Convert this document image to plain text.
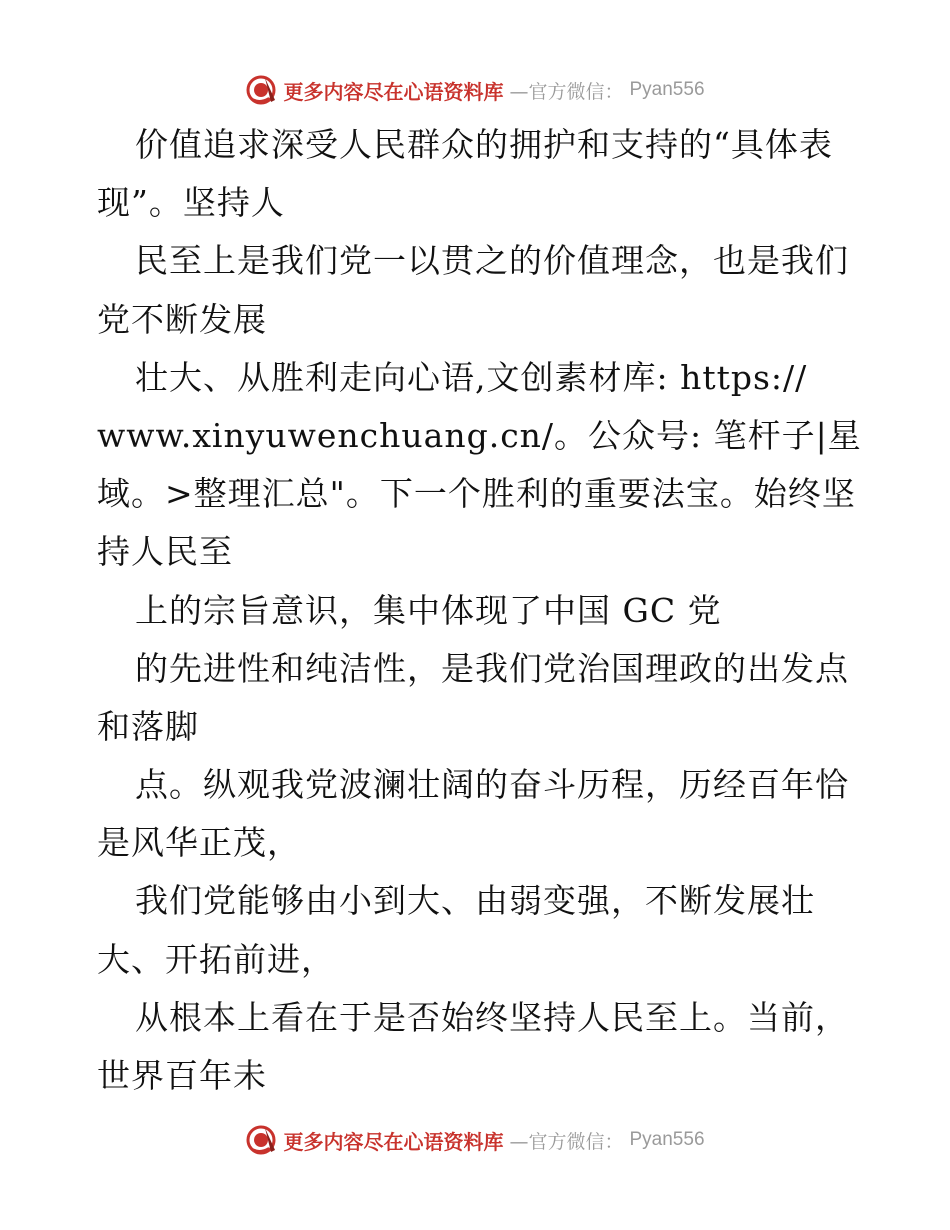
更多内容尽在心语资料库 —官方微信： Pyan556
价值追求深受人民群众的拥护和支持的“具体表
现”。坚持人
民至上是我们党一以贯之的价值理念，也是我们
党不断发展
壮大、从胜利走向心语,文创素材库: https://
www.xinyuwenchuang.cn/。公众号: 笔杆子|星
域。>整理汇总"。下一个胜利的重要法宝。始终坚
持人民至
上的宗旨意识，集中体现了中国 GC 党
的先进性和纯洁性，是我们党治国理政的出发点
和落脚
点。纵观我党波澜壮阔的奋斗历程，历经百年恰
是风华正茂，
我们党能够由小到大、由弱变强，不断发展壮
大、开拓前进，
从根本上看在于是否始终坚持人民至上。当前，
世界百年未
更多内容尽在心语资料库 —官方微信： Pyan556
